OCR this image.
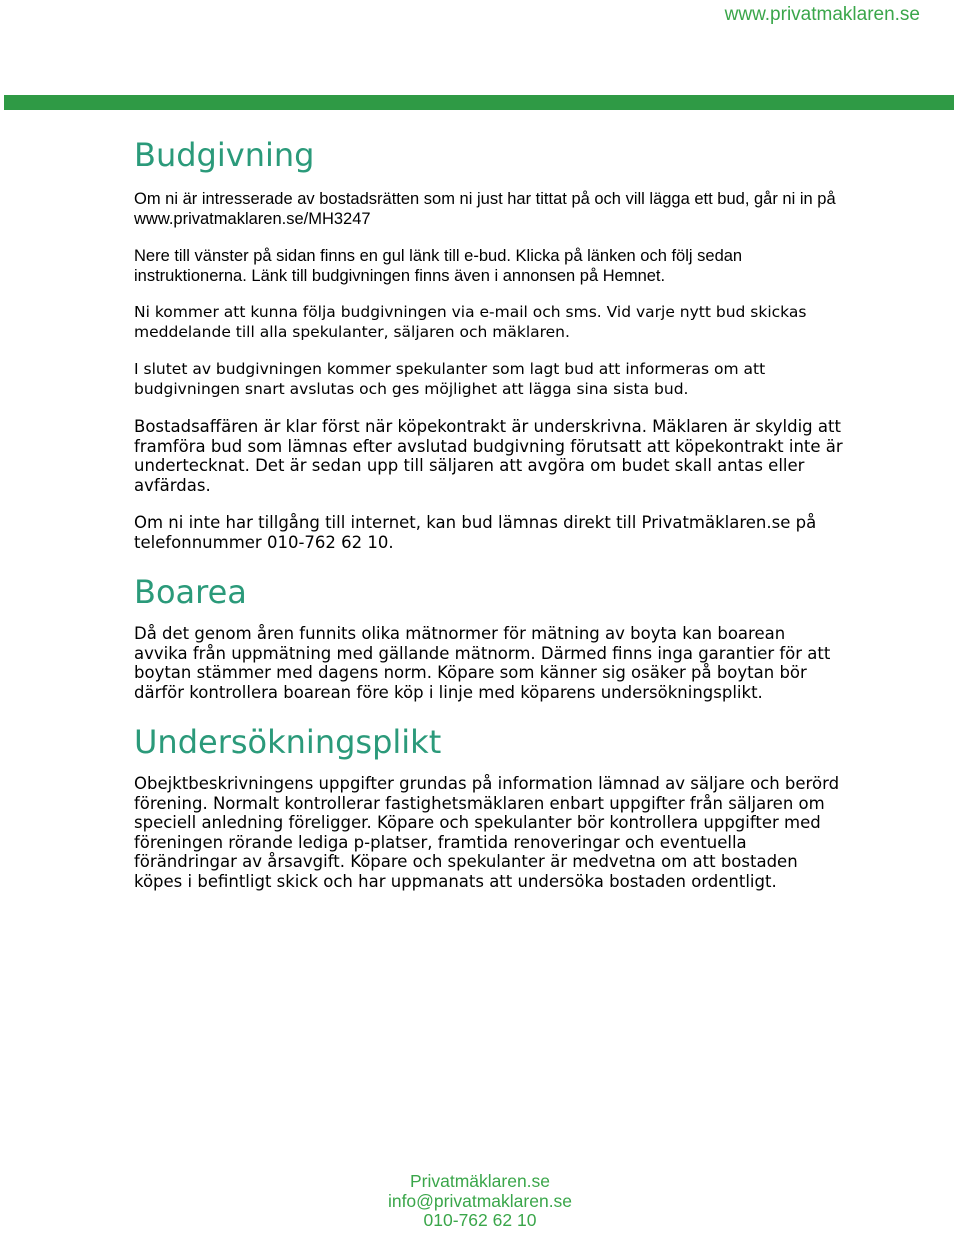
www.privatmaklaren.se
Budgivning

Om ni är intresserade av bostadsrätten som ni just har tittat på och vill lägga ett bud, går ni in på www.privatmaklaren.se/MH3247

Nere till vänster på sidan finns en gul länk till e-bud. Klicka på länken och följ sedan instruktionerna. Länk till budgivningen finns även i annonsen på Hemnet.

Ni kommer att kunna följa budgivningen via e-mail och sms. Vid varje nytt bud skickas meddelande till alla spekulanter, säljaren och mäklaren.

I slutet av budgivningen kommer spekulanter som lagt bud att informeras om att budgivningen snart avslutas och ges möjlighet att lägga sina sista bud.

Bostadsaffären är klar först när köpekontrakt är underskrivna. Mäklaren är skyldig att framföra bud som lämnas efter avslutad budgivning förutsatt att köpekontrakt inte är undertecknat. Det är sedan upp till säljaren att avgöra om budet skall antas eller avfärdas.

Om ni inte har tillgång till internet, kan bud lämnas direkt till Privatmäklaren.se på telefonnummer 010-762 62 10.

Boarea

Då det genom åren funnits olika mätnormer för mätning av boyta kan boarean avvika från uppmätning med gällande mätnorm. Därmed finns inga garantier för att boytan stämmer med dagens norm. Köpare som känner sig osäker på boytan bör därför kontrollera boarean före köp i linje med köparens undersökningsplikt.

Undersökningsplikt

Obejktbeskrivningens uppgifter grundas på information lämnad av säljare och berörd förening. Normalt kontrollerar fastighetsmäklaren enbart uppgifter från säljaren om speciell anledning föreligger. Köpare och spekulanter bör kontrollera uppgifter med föreningen rörande lediga p-platser, framtida renoveringar och eventuella förändringar av årsavgift. Köpare och spekulanter är medvetna om att bostaden köpes i befintligt skick och har uppmanats att undersöka bostaden ordentligt.

Privatmäklaren.se
info@privatmaklaren.se
010-762 62 10
